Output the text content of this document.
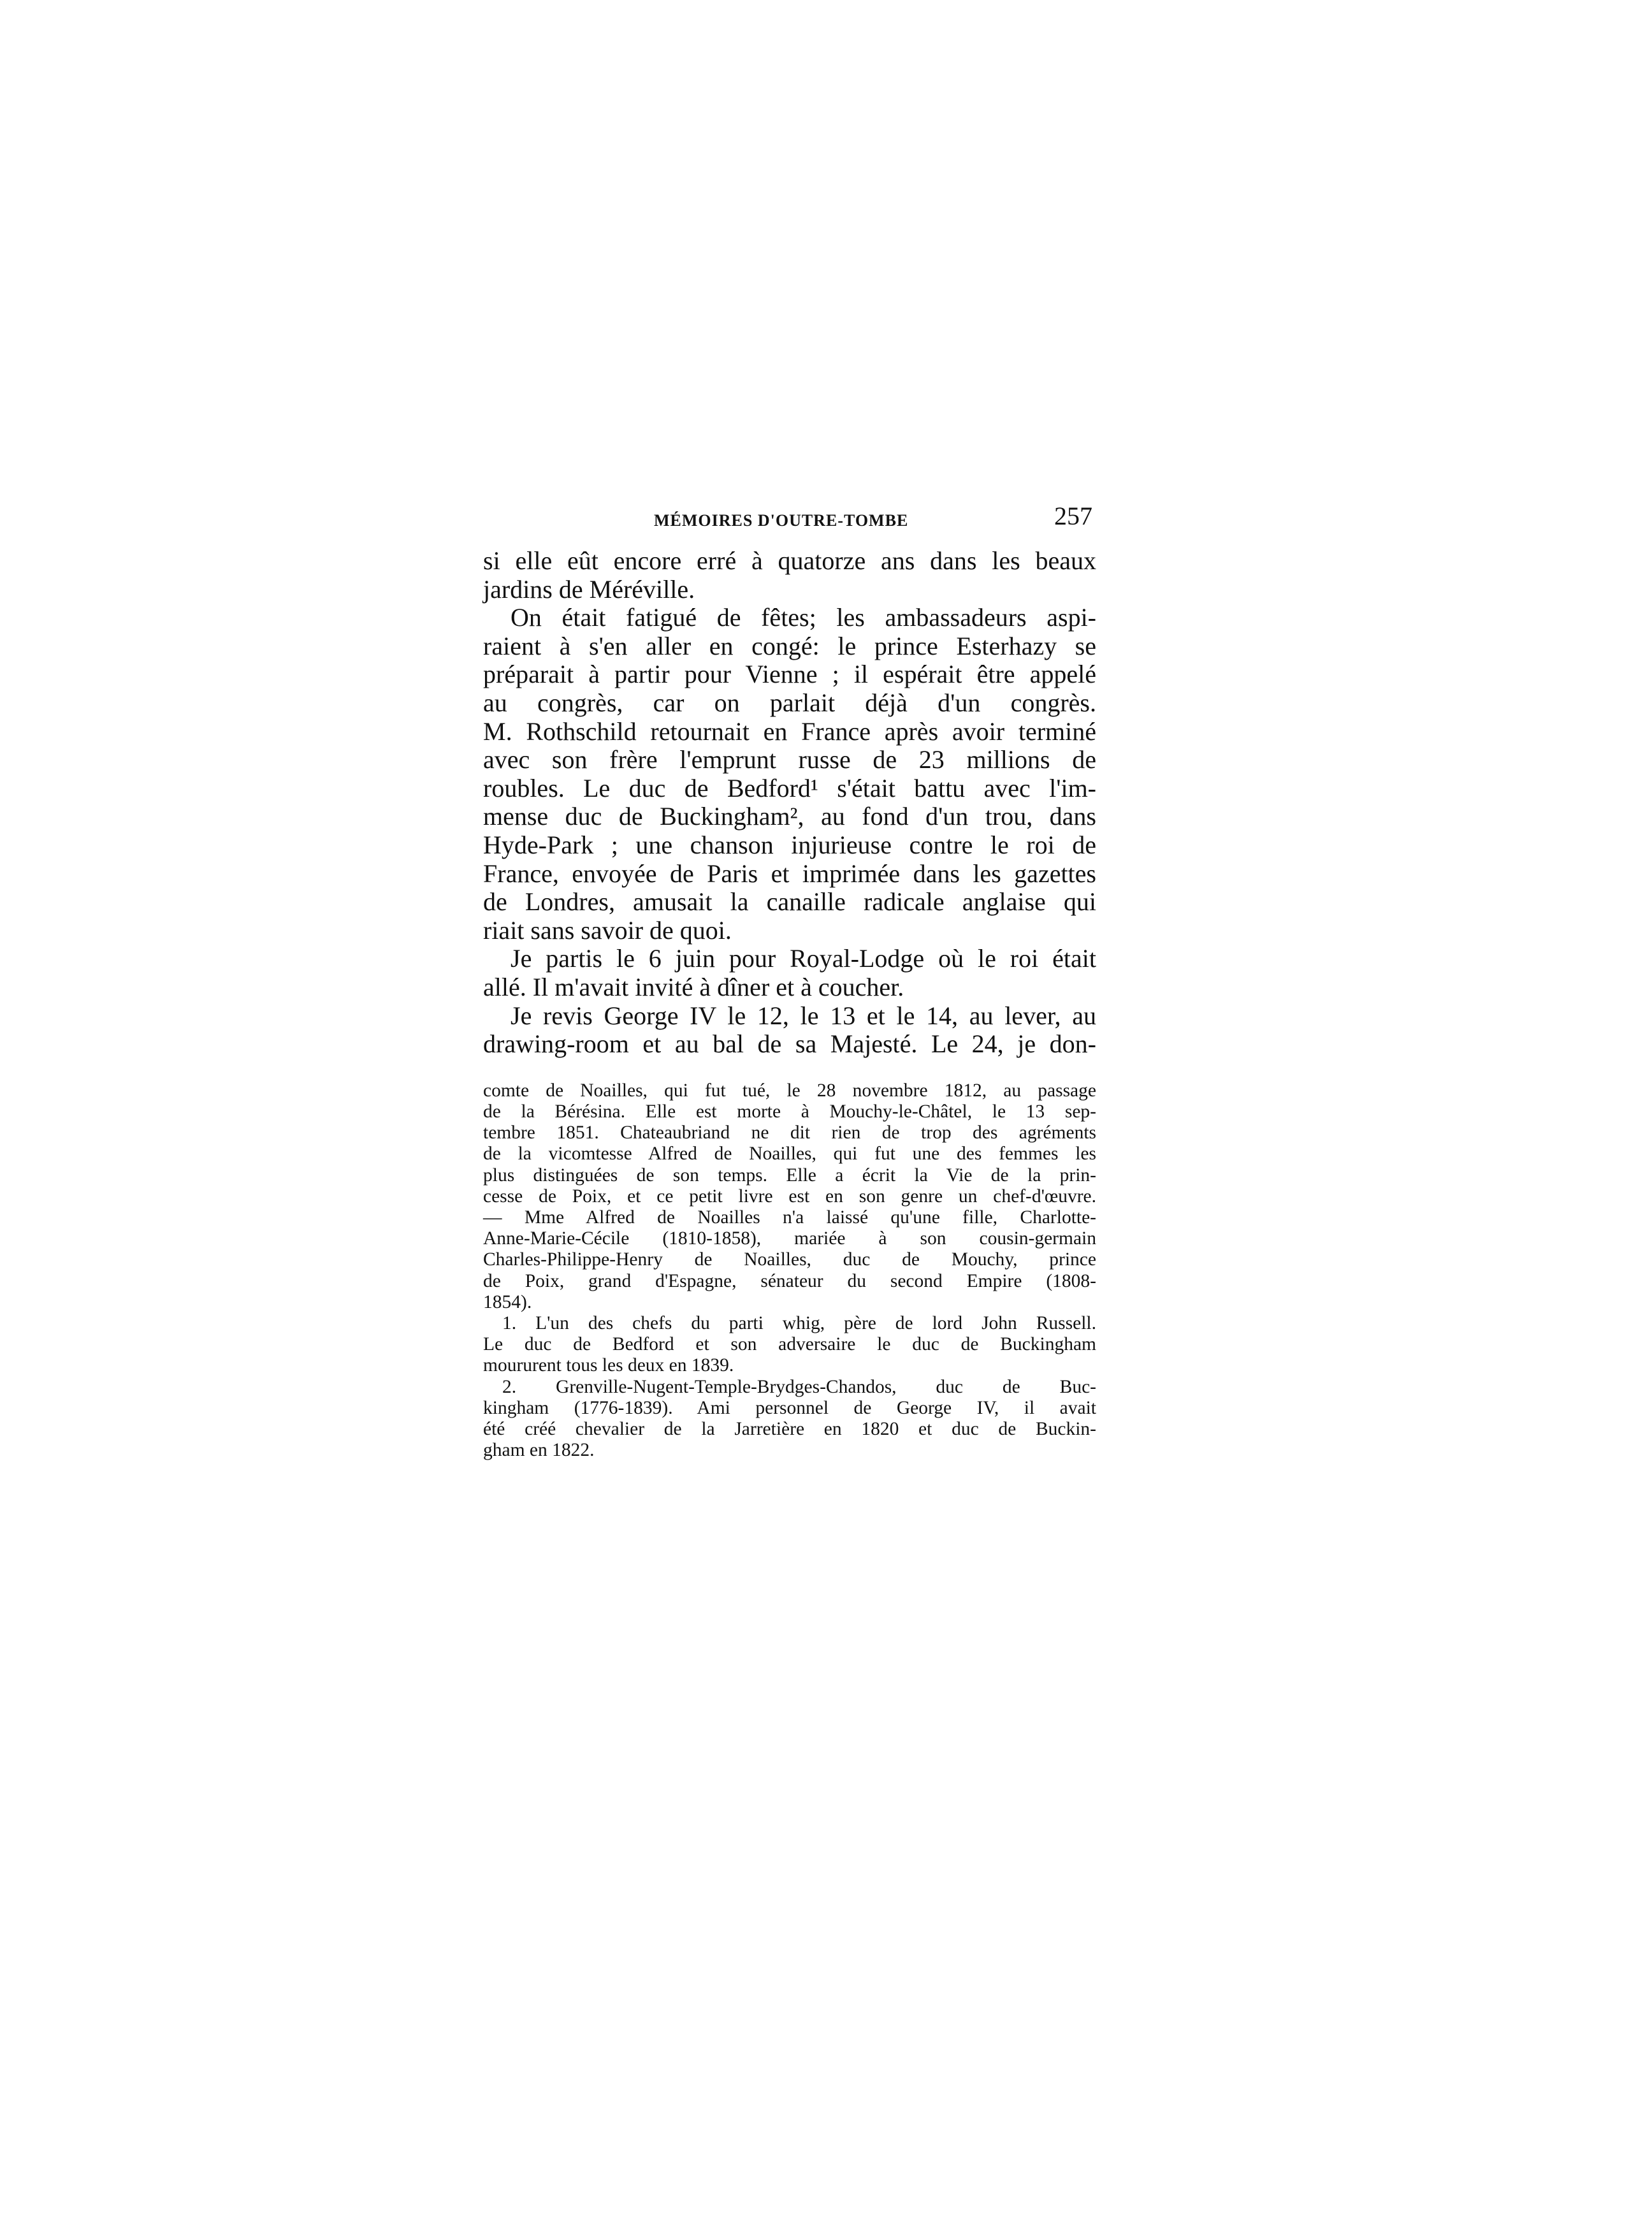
MÉMOIRES D'OUTRE-TOMBE	257
si elle eût encore erré à quatorze ans dans les beaux
jardins de Méréville.
On était fatigué de fêtes; les ambassadeurs aspi-
raient à s'en aller en congé: le prince Esterhazy se
préparait à partir pour Vienne ; il espérait être appelé
au congrès, car on parlait déjà d'un congrès.
M. Rothschild retournait en France après avoir terminé
avec son frère l'emprunt russe de 23 millions de
roubles. Le duc de Bedford¹ s'était battu avec l'im-
mense duc de Buckingham², au fond d'un trou, dans
Hyde-Park ; une chanson injurieuse contre le roi de
France, envoyée de Paris et imprimée dans les gazettes
de Londres, amusait la canaille radicale anglaise qui
riait sans savoir de quoi.
Je partis le 6 juin pour Royal-Lodge où le roi était
allé. Il m'avait invité à dîner et à coucher.
Je revis George IV le 12, le 13 et le 14, au lever, au
drawing-room et au bal de sa Majesté. Le 24, je don-
comte de Noailles, qui fut tué, le 28 novembre 1812, au passage
de la Bérésina. Elle est morte à Mouchy-le-Châtel, le 13 sep-
tembre 1851. Chateaubriand ne dit rien de trop des agréments
de la vicomtesse Alfred de Noailles, qui fut une des femmes les
plus distinguées de son temps. Elle a écrit la Vie de la prin-
cesse de Poix, et ce petit livre est en son genre un chef-d'œuvre.
— Mme Alfred de Noailles n'a laissé qu'une fille, Charlotte-
Anne-Marie-Cécile (1810-1858), mariée à son cousin-germain
Charles-Philippe-Henry de Noailles, duc de Mouchy, prince
de Poix, grand d'Espagne, sénateur du second Empire (1808-
1854).
1. L'un des chefs du parti whig, père de lord John Russell.
Le duc de Bedford et son adversaire le duc de Buckingham
moururent tous les deux en 1839.
2. Grenville-Nugent-Temple-Brydges-Chandos, duc de Buc-
kingham (1776-1839). Ami personnel de George IV, il avait
été créé chevalier de la Jarretière en 1820 et duc de Buckin-
gham en 1822.
